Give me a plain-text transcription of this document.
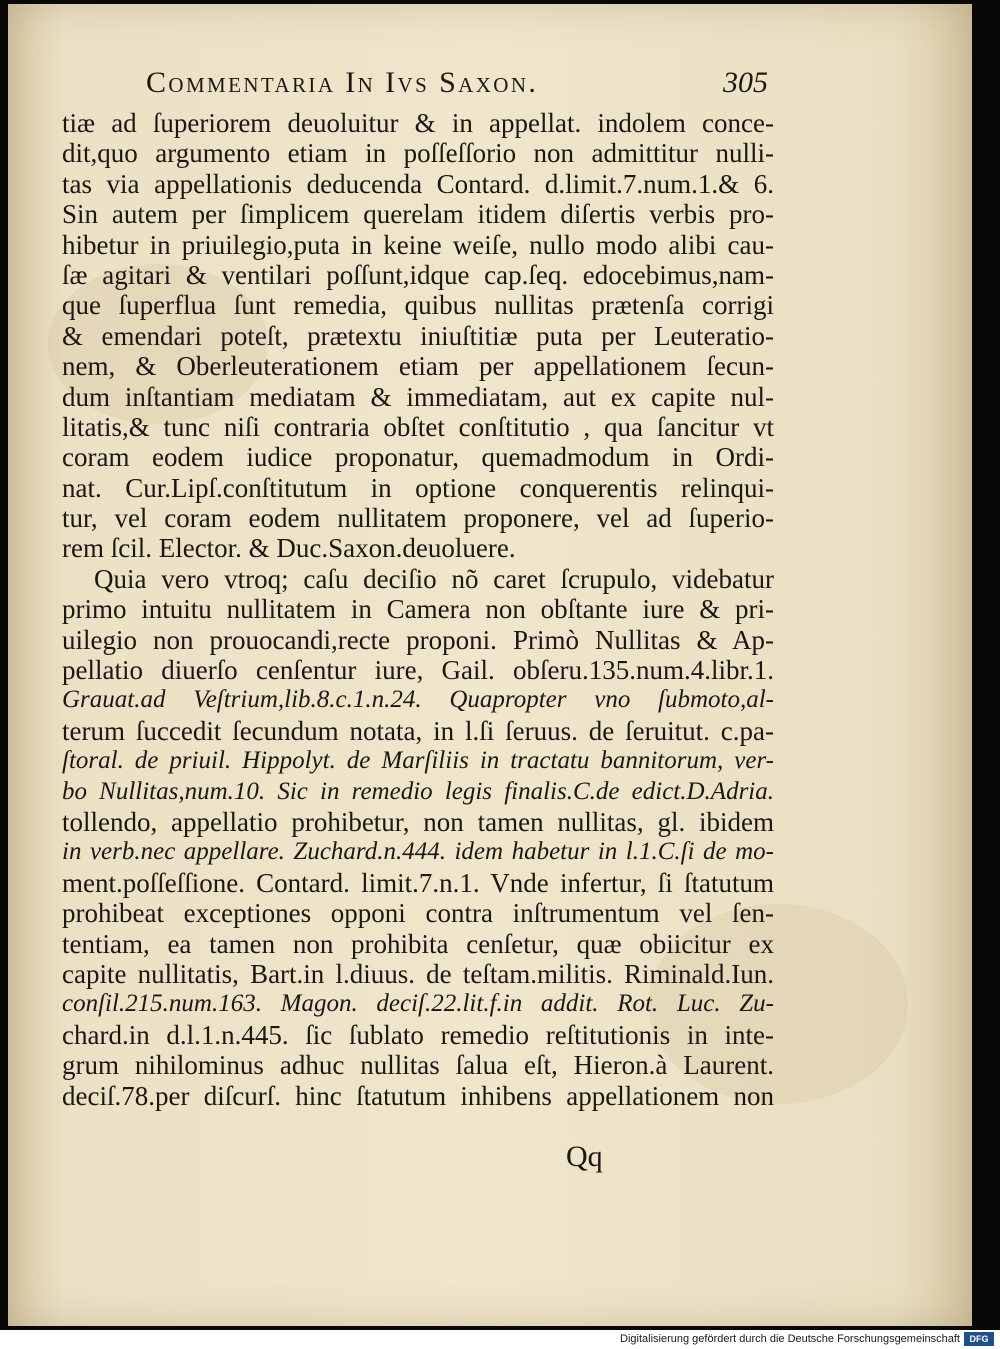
Commentaria In Ivs Saxon.	305
tiæ ad ſuperiorem deuoluitur & in appellat. indolem conce-
dit,quo argumento etiam in poſſeſſorio non admittitur nulli-
tas via appellationis deducenda Contard. d.limit.7.num.1.& 6.
Sin autem per ſimplicem querelam itidem diſertis verbis pro-
hibetur in priuilegio,puta in keine weiſe, nullo modo alibi cau-
ſæ agitari & ventilari poſſunt,idque cap.ſeq. edocebimus,nam-
que ſuperflua ſunt remedia, quibus nullitas prætenſa corrigi
& emendari poteſt, prætextu iniuſtitiæ puta per Leuteratio-
nem, & Oberleuterationem etiam per appellationem ſecun-
dum inſtantiam mediatam & immediatam, aut ex capite nul-
litatis,& tunc niſi contraria obſtet conſtitutio , qua ſancitur vt
coram eodem iudice proponatur, quemadmodum in Ordi-
nat. Cur.Lipſ.conſtitutum in optione conquerentis relinqui-
tur, vel coram eodem nullitatem proponere, vel ad ſuperio-
rem ſcil. Elector. & Duc.Saxon.deuoluere.
Quia vero vtroq; caſu deciſio nõ caret ſcrupulo, videbatur
primo intuitu nullitatem in Camera non obſtante iure & pri-
uilegio non prouocandi,recte proponi. Primò Nullitas & Ap-
pellatio diuerſo cenſentur iure, Gail. obſeru.135.num.4.libr.1.
Grauat.ad Veſtrium,lib.8.c.1.n.24. Quapropter vno ſubmoto,al-
terum ſuccedit ſecundum notata, in l.ſi ſeruus. de ſeruitut. c.pa-
ſtoral. de priuil. Hippolyt. de Marſiliis in tractatu bannitorum, ver-
bo Nullitas,num.10. Sic in remedio legis finalis.C.de edict.D.Adria.
tollendo, appellatio prohibetur, non tamen nullitas, gl. ibidem
in verb.nec appellare. Zuchard.n.444. idem habetur in l.1.C.ſi de mo-
ment.poſſeſſione. Contard. limit.7.n.1. Vnde infertur, ſi ſtatutum
prohibeat exceptiones opponi contra inſtrumentum vel ſen-
tentiam, ea tamen non prohibita cenſetur, quæ obiicitur ex
capite nullitatis, Bart.in l.diuus. de teſtam.militis. Riminald.Iun.
conſil.215.num.163. Magon. deciſ.22.lit.f.in addit. Rot. Luc. Zu-
chard.in d.l.1.n.445. ſic ſublato remedio reſtitutionis in inte-
grum nihilominus adhuc nullitas ſalua eſt, Hieron.à Laurent.
deciſ.78.per diſcurſ. hinc ſtatutum inhibens appellationem non
Qq
Digitalisierung gefördert durch die Deutsche Forschungsgemeinschaft	DFG
